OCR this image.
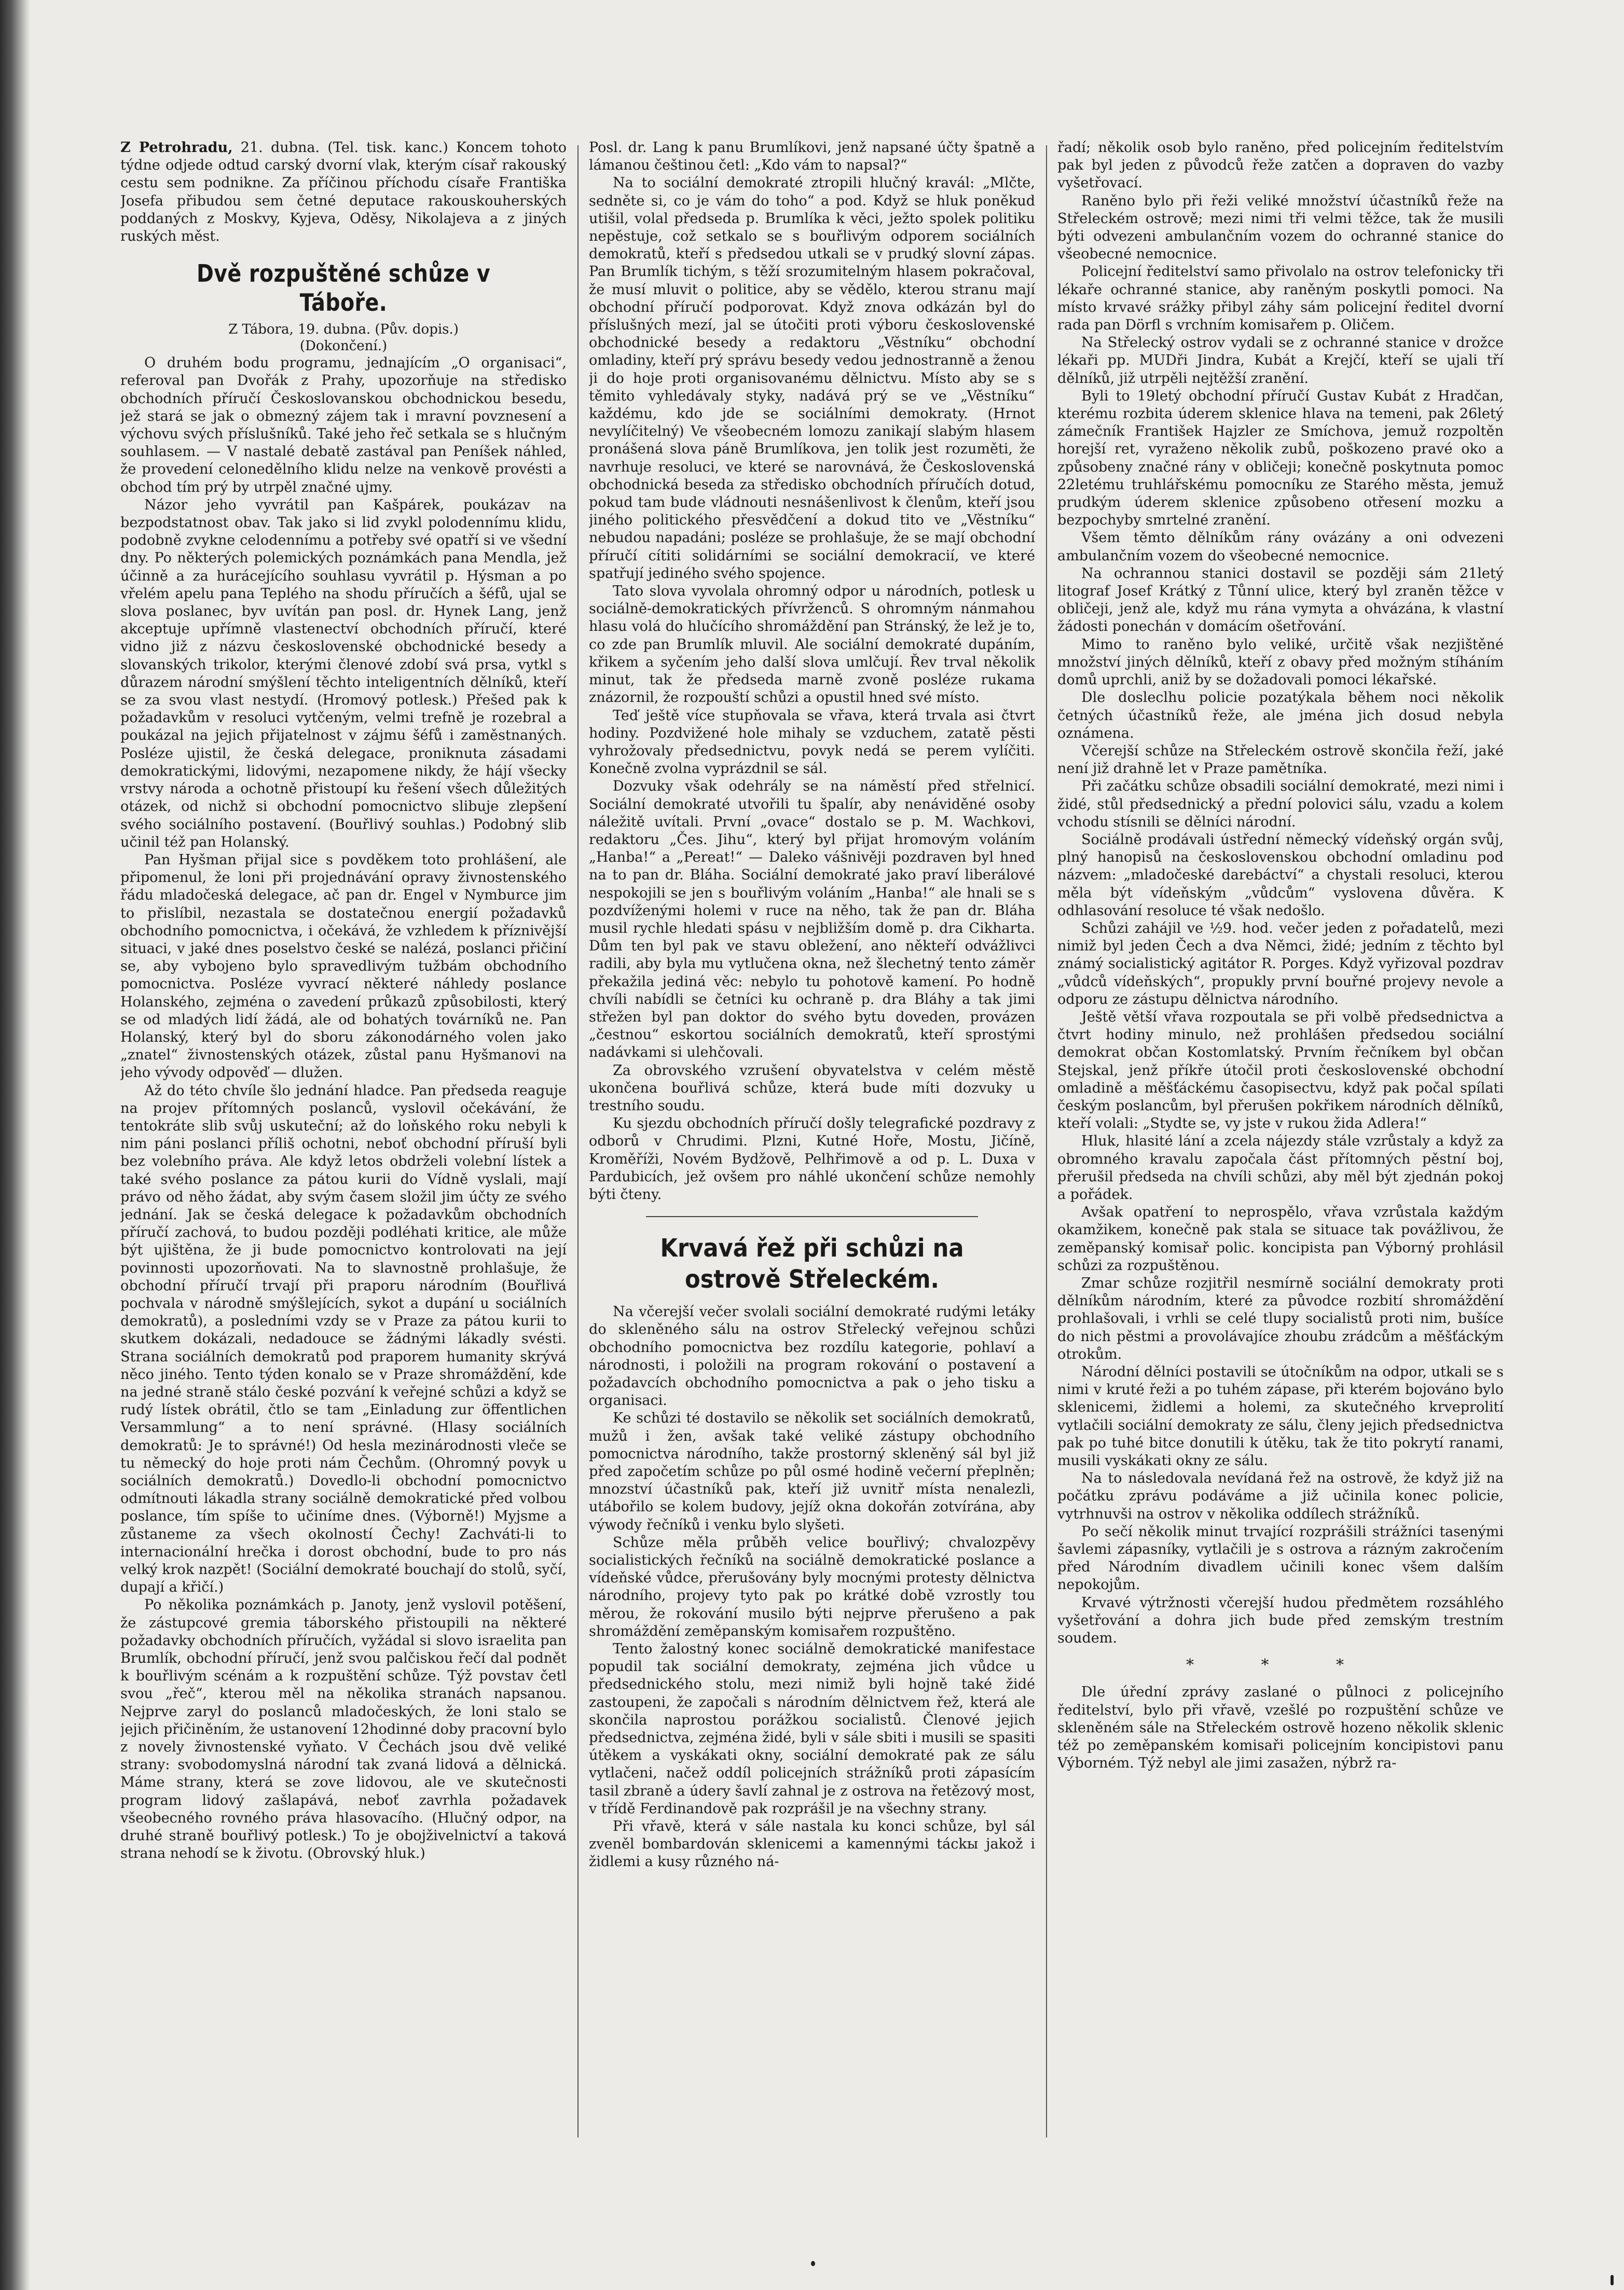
Z Petrohradu, 21. dubna. (Tel. tisk. kanc.) Koncem tohoto týdne odjede odtud carský dvorní vlak, kterým císař rakouský cestu sem podnikne. Za příčinou příchodu císaře Františka Josefa přibudou sem četné deputace rakouskouherských poddaných z Moskvy, Kyjeva, Oděsy, Nikolajeva a z jiných ruských měst.

Dvě rozpuštěné schůze v Táboře.
Z Tábora, 19. dubna. (Pův. dopis.)
(Dokončení.)

O druhém bodu programu, jednajícím „O organisaci“, referoval pan Dvořák z Prahy, upozorňuje na středisko obchodních příručí Českoslovanskou obchodnickou besedu, jež stará se jak o obmezný zájem tak i mravní povznesení a výchovu svých příslušníků. Také jeho řeč setkala se s hlučným souhlasem. — V nastalé debatě zastával pan Peníšek náhled, že provedení celonedělního klidu nelze na venkově provésti a obchod tím prý by utrpěl značné ujmy.

Názor jeho vyvrátil pan Kašpárek, poukázav na bezpodstatnost obav. Tak jako si lid zvykl polodennímu klidu, podobně zvykne celodennímu a potřeby své opatří si ve všední dny. Po některých polemických poznámkách pana Mendla, jež účinně a za hurácejícího souhlasu vyvrátil p. Hýsman a po vřelém apelu pana Teplého na shodu příručích a šéfů, ujal se slova poslanec, byv uvítán pan posl. dr. Hynek Lang, jenž akceptuje upřímně vlastenectví obchodních příručí, které vidno již z názvu československé obchodnické besedy a slovanských trikolor, kterými členové zdobí svá prsa, vytkl s důrazem národní smýšlení těchto inteligentních dělníků, kteří se za svou vlast nestydí. (Hromový potlesk.) Přešed pak k požadavkům v resoluci vytčeným, velmi trefně je rozebral a poukázal na jejich přijatelnost v zájmu šéfů i zaměstnaných. Posléze ujistil, že česká delegace, proniknuta zásadami demokratickými, lidovými, nezapomene nikdy, že hájí všecky vrstvy národa a ochotně přistoupí ku řešení všech důležitých otázek, od nichž si obchodní pomocnictvo slibuje zlepšení svého sociálního postavení. (Bouřlivý souhlas.) Podobný slib učinil též pan Holanský.

Pan Hyšman přijal sice s povděkem toto prohlášení, ale připomenul, že loni při projednávání opravy živnostenského řádu mladočeská delegace, ač pan dr. Engel v Nymburce jim to přislíbil, nezastala se dostatečnou energií požadavků obchodního pomocnictva, i očekává, že vzhledem k příznivější situaci, v jaké dnes poselstvo české se nalézá, poslanci přičiní se, aby vybojeno bylo spravedlivým tužbám obchodního pomocnictva. Posléze vyvrací některé náhledy poslance Holanského, zejména o zavedení průkazů způsobilosti, který se od mladých lidí žádá, ale od bohatých továrníků ne. Pan Holanský, který byl do sboru zákonodárného volen jako „znatel“ živnostenských otázek, zůstal panu Hyšmanovi na jeho vývody odpověď — dlužen.

Až do této chvíle šlo jednání hladce. Pan předseda reaguje na projev přítomných poslanců, vyslovil očekávání, že tentokráte slib svůj uskuteční; až do loňského roku nebyli k nim páni poslanci příliš ochotni, neboť obchodní příruší byli bez volebního práva. Ale když letos obdrželi volební lístek a také svého poslance za pátou kurii do Vídně vyslali, mají právo od něho žádat, aby svým časem složil jim účty ze svého jednání. Jak se česká delegace k požadavkům obchodních příručí zachová, to budou později podléhati kritice, ale může být ujištěna, že ji bude pomocnictvo kontrolovati na její povinnosti upozorňovati. Na to slavnostně prohlašuje, že obchodní příručí trvají při praporu národním (Bouřlivá pochvala v národně smýšlejících, sykot a dupání u sociálních demokratů), a posledními vzdy se v Praze za pátou kurii to skutkem dokázali, nedadouce se žádnými lákadly svésti. Strana sociálních demokratů pod praporem humanity skrývá něco jiného. Tento týden konalo se v Praze shromáždění, kde na jedné straně stálo české pozvání k veřejné schůzi a když se rudý lístek obrátil, čtlo se tam „Einladung zur öffentlichen Versammlung“ a to není správné. (Hlasy sociálních demokratů: Je to správné!) Od hesla mezinárodnosti vleče se tu německý do hoje proti nám Čechům. (Ohromný povyk u sociálních demokratů.) Dovedlo-li obchodní pomocnictvo odmítnouti lákadla strany sociálně demokratické před volbou poslance, tím spíše to učiníme dnes. (Výborně!) Myjsme a zůstaneme za všech okolností Čechy! Zachváti-li to internacionální hrečka i dorost obchodní, bude to pro nás velký krok nazpět! (Sociální demokraté bouchají do stolů, syčí, dupají a křičí.)

Po několika poznámkách p. Janoty, jenž vyslovil potěšení, že zástupcové gremia táborského přistoupili na některé požadavky obchodních příručích, vyžádal si slovo israelita pan Brumlík, obchodní příručí, jenž svou palčiskou řečí dal podnět k bouřlivým scénám a k rozpuštění schůze. Týž povstav četl svou „řeč“, kterou měl na několika stranách napsanou. Nejprve zaryl do poslanců mladočeských, že loni stalo se jejich přičiněním, že ustanovení 12hodinné doby pracovní bylo z novely živnostenské vyňato. V Čechách jsou dvě veliké strany: svobodomyslná národní tak zvaná lidová a dělnická. Máme strany, která se zove lidovou, ale ve skutečnosti program lidový zašlapává, neboť zavrhla požadavek všeobecného rovného práva hlasovacího. (Hlučný odpor, na druhé straně bouřlivý potlesk.) To je obojživelnictví a taková strana nehodí se k životu. (Obrovský hluk.)

Posl. dr. Lang k panu Brumlíkovi, jenž napsané účty špatně a lámanou češtinou četl: „Kdo vám to napsal?“

Na to sociální demokraté ztropili hlučný kravál: „Mlčte, sedněte si, co je vám do toho“ a pod. Když se hluk poněkud utišil, volal předseda p. Brumlíka k věci, ježto spolek politiku nepěstuje, což setkalo se s bouřlivým odporem sociálních demokratů, kteří s předsedou utkali se v prudký slovní zápas. Pan Brumlík tichým, s těží srozumitelným hlasem pokračoval, že musí mluvit o politice, aby se vědělo, kterou stranu mají obchodní příručí podporovat. Když znova odkázán byl do příslušných mezí, jal se útočiti proti výboru československé obchodnické besedy a redaktoru „Věstníku“ obchodní omladiny, kteří prý správu besedy vedou jednostranně a ženou ji do hoje proti organisovanému dělnictvu. Místo aby se s těmito vyhledávaly styky, nadává prý se ve „Věstníku“ každému, kdo jde se sociálními demokraty. (Hrnot nevylíčitelný) Ve všeobecném lomozu zanikají slabým hlasem pronášená slova páně Brumlíkova, jen tolik jest rozuměti, že navrhuje resoluci, ve které se narovnává, že Československá obchodnická beseda za středisko obchodních příručích dotud, pokud tam bude vládnouti nesnášenlivost k členům, kteří jsou jiného politického přesvědčení a dokud tito ve „Věstníku“ nebudou napadáni; posléze se prohlašuje, že se mají obchodní příručí cítiti solidárními se sociální demokracií, ve které spatřují jediného svého spojence.

Tato slova vyvolala ohromný odpor u národních, potlesk u sociálně-demokratických přívrženců. S ohromným nánmahou hlasu volá do hlučícího shromáždění pan Stránský, že lež je to, co zde pan Brumlík mluvil. Ale sociální demokraté dupáním, křikem a syčením jeho další slova umlčují. Řev trval několik minut, tak že předseda marně zvoně posléze rukama znázornil, že rozpouští schůzi a opustil hned své místo.

Teď ještě více stupňovala se vřava, která trvala asi čtvrt hodiny. Pozdvižené hole mihaly se vzduchem, zatatě pěsti vyhrožovaly předsednictvu, povyk nedá se perem vylíčiti. Konečně zvolna vyprázdnil se sál.

Dozvuky však odehrály se na náměstí před střelnicí. Sociální demokraté utvořili tu špalír, aby nenáviděné osoby náležitě uvítali. První „ovace“ dostalo se p. M. Wachkovi, redaktoru „Čes. Jihu“, který byl přijat hromovým voláním „Hanba!“ a „Pereat!“ — Daleko vášnivěji pozdraven byl hned na to pan dr. Bláha. Sociální demokraté jako praví liberálové nespokojili se jen s bouřlivým voláním „Hanba!“ ale hnali se s pozdvíženými holemi v ruce na něho, tak že pan dr. Bláha musil rychle hledati spásu v nejbližším domě p. dra Cikharta. Dům ten byl pak ve stavu obležení, ano někteří odvážlivci radili, aby byla mu vytlučena okna, než šlechetný tento záměr překažila jediná věc: nebylo tu pohotově kamení. Po hodně chvíli nabídli se četníci ku ochraně p. dra Bláhy a tak jimi střežen byl pan doktor do svého bytu doveden, provázen „čestnou“ eskortou sociálních demokratů, kteří sprostými nadávkami si ulehčovali.

Za obrovského vzrušení obyvatelstva v celém městě ukončena bouřlivá schůze, která bude míti dozvuky u trestního soudu.

Ku sjezdu obchodních příručí došly telegrafické pozdravy z odborů v Chrudimi. Plzni, Kutné Hoře, Mostu, Jičíně, Kroměříži, Novém Bydžově, Pelhřimově a od p. L. Duxa v Pardubicích, jež ovšem pro náhlé ukončení schůze nemohly býti čteny.

Krvavá řež při schůzi na ostrově Střeleckém.

Na včerejší večer svolali sociální demokraté rudými letáky do skleněného sálu na ostrov Střelecký veřejnou schůzi obchodního pomocnictva bez rozdílu kategorie, pohlaví a národnosti, i položili na program rokování o postavení a požadavcích obchodního pomocnictva a pak o jeho tisku a organisaci.

Ke schůzi té dostavilo se několik set sociálních demokratů, mužů i žen, avšak také veliké zástupy obchodního pomocnictva národního, takže prostorný skleněný sál byl již před započetím schůze po půl osmé hodině večerní přeplněn; mnozství účastníků pak, kteří již uvnitř místa nenalezli, utábořilo se kolem budovy, jejíž okna dokořán zotvírána, aby výwody řečníků i venku bylo slyšeti.

Schůze měla průběh velice bouřlivý; chvalozpěvy socialistických řečníků na sociálně demokratické poslance a vídeňské vůdce, přerušovány byly mocnými protesty dělnictva národního, projevy tyto pak po krátké době vzrostly tou měrou, že rokování musilo býti nejprve přerušeno a pak shromáždění zeměpanským komisařem rozpuštěno.

Tento žalostný konec sociálně demokratické manifestace popudil tak sociální demokraty, zejména jich vůdce u předsednického stolu, mezi nimiž byli hojně také židé zastoupeni, že započali s národním dělnictvem řež, která ale skončila naprostou porážkou socialistů. Členové jejich předsednictva, zejména židé, byli v sále sbiti i musili se spasiti útěkem a vyskákati okny, sociální demokraté pak ze sálu vytlačeni, načež oddíl policejních strážníků proti zápasícím tasil zbraně a údery šavlí zahnal je z ostrova na řetězový most, v třídě Ferdinandově pak rozprášil je na všechny strany.

Při vřavě, která v sále nastala ku konci schůze, byl sál zveněl bombardován sklenicemi a kamennými táckы jakož i židlemi a kusy různého ná-

řadí; několik osob bylo raněno, před policejním ředitelstvím pak byl jeden z původců řeže zatčen a dopraven do vazby vyšetřovací.

Raněno bylo při řeži veliké množství účastníků řeže na Střeleckém ostrově; mezi nimi tři velmi těžce, tak že musili býti odvezeni ambulančním vozem do ochranné stanice do všeobecné nemocnice.

Policejní ředitelství samo přivolalo na ostrov telefonicky tři lékaře ochranné stanice, aby raněným poskytli pomoci. Na místo krvavé srážky přibyl záhy sám policejní ředitel dvorní rada pan Dörfl s vrchním komisařem p. Oličem.

Na Střelecký ostrov vydali se z ochranné stanice v drožce lékaři pp. MUDři Jindra, Kubát a Krejčí, kteří se ujali tří dělníků, již utrpěli nejtěžší zranění.

Byli to 19letý obchodní příručí Gustav Kubát z Hradčan, kterému rozbita úderem sklenice hlava na temeni, pak 26letý zámečník František Hajzler ze Smíchova, jemuž rozpoltěn horejší ret, vyraženo několik zubů, poškozeno pravé oko a způsobeny značné rány v obličeji; konečně poskytnuta pomoc 22letému truhlářskému pomocníku ze Starého města, jemuž prudkým úderem sklenice způsobeno otřesení mozku a bezpochyby smrtelné zranění.

Všem těmto dělníkům rány ovázány a oni odvezeni ambulančním vozem do všeobecné nemocnice.

Na ochrannou stanici dostavil se později sám 21letý litograf Josef Krátký z Tůnní ulice, který byl zraněn těžce v obličeji, jenž ale, když mu rána vymyta a ohvázána, k vlastní žádosti ponechán v domácím ošetřování.

Mimo to raněno bylo veliké, určitě však nezjištěné množství jiných dělníků, kteří z obavy před možným stíháním domů uprchli, aniž by se dožadovali pomoci lékařské.

Dle dosleclhu policie pozatýkala během noci několik četných účastníků řeže, ale jména jich dosud nebyla oznámena.

Včerejší schůze na Střeleckém ostrově skončila řeží, jaké není již drahně let v Praze pamětníka.

Při začátku schůze obsadili sociální demokraté, mezi nimi i židé, stůl předsednický a přední polovici sálu, vzadu a kolem vchodu stísnili se dělníci národní.

Sociálně prodávali ústřední německý vídeňský orgán svůj, plný hanopisů na československou obchodní omladinu pod názvem: „mladočeské darebáctví“ a chystali resoluci, kterou měla být vídeňským „vůdcům“ vyslovena důvěra. K odhlasování resoluce té však nedošlo.

Schůzi zahájil ve ½9. hod. večer jeden z pořadatelů, mezi nimiž byl jeden Čech a dva Němci, židé; jedním z těchto byl známý socialistický agitátor R. Porges. Když vyřizoval pozdrav „vůdců vídeňských“, propukly první bouřné projevy nevole a odporu ze zástupu dělnictva národního.

Ještě větší vřava rozpoutala se při volbě předsednictva a čtvrt hodiny minulo, než prohlášen předsedou sociální demokrat občan Kostomlatský. Prvním řečníkem byl občan Stejskal, jenž příkře útočil proti československé obchodní omladině a měšťáckému časopisectvu, když pak počal spílati českým poslancům, byl přerušen pokřikem národních dělníků, kteří volali: „Stydte se, vy jste v rukou žida Adlera!“

Hluk, hlasité lání a zcela nájezdy stále vzrůstaly a když za obromného kravalu započala část přítomných pěstní boj, přerušil předseda na chvíli schůzi, aby měl být zjednán pokoj a pořádek.

Avšak opatření to neprospělo, vřava vzrůstala každým okamžikem, konečně pak stala se situace tak povážlivou, že zeměpanský komisař polic. koncipista pan Výborný prohlásil schůzi za rozpuštěnou.

Zmar schůze rozjitřil nesmírně sociální demokraty proti dělníkům národním, které za původce rozbití shromáždění prohlašovali, i vrhli se celé tlupy socialistů proti nim, bušíce do nich pěstmi a provolávajíce zhoubu zrádcům a měšťáckým otrokům.

Národní dělníci postavili se útočníkům na odpor, utkali se s nimi v kruté řeži a po tuhém zápase, při kterém bojováno bylo sklenicemi, židlemi a holemi, za skutečného krveprolití vytlačili sociální demokraty ze sálu, členy jejich předsednictva pak po tuhé bitce donutili k útěku, tak že tito pokrytí ranami, musili vyskákati okny ze sálu.

Na to následovala nevídaná řež na ostrově, že když již na počátku zprávu podáváme a již učinila konec policie, vytrhnuvši na ostrov v několika oddílech strážníků.

Po sečí několik minut trvající rozprášili strážníci tasenými šavlemi zápasníky, vytlačili je s ostrova a rázným zakročením před Národním divadlem učinili konec všem dalším nepokojům.

Krvavé výtržnosti včerejší hudou předmětem rozsáhlého vyšetřování a dohra jich bude před zemským trestním soudem.

* * *

Dle úřední zprávy zaslané o půlnoci z policejního ředitelství, bylo při vřavě, vzešlé po rozpuštění schůze ve skleněném sále na Střeleckém ostrově hozeno několik sklenic též po zeměpanském komisaři policejním koncipistovi panu Výborném. Týž nebyl ale jimi zasažen, nýbrž ra-
